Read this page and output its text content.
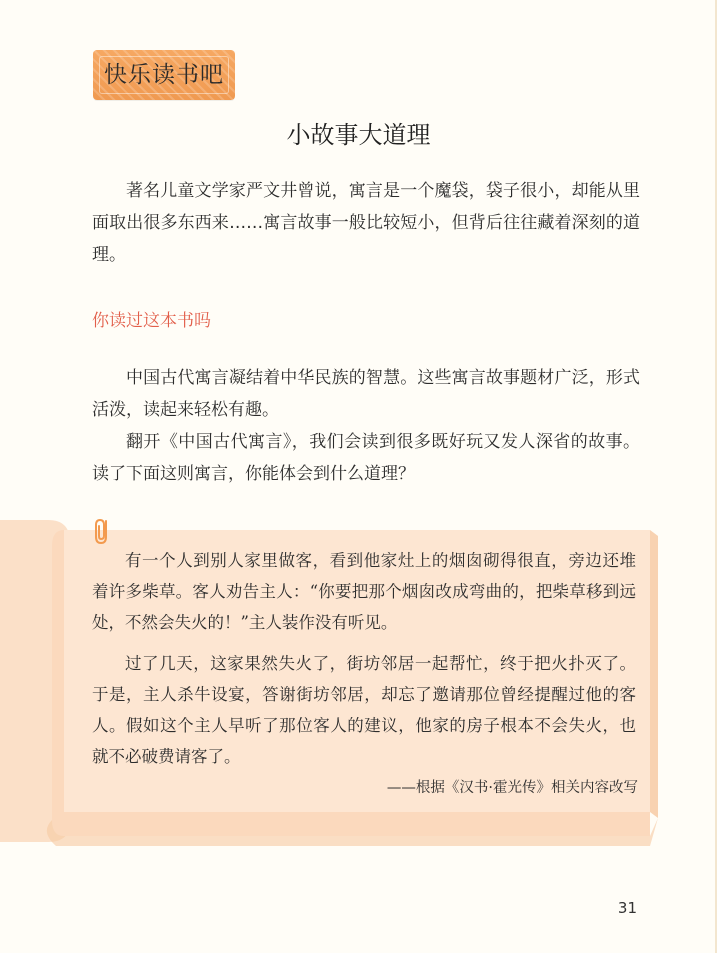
快乐读书吧
小故事大道理

著名儿童文学家严文井曾说，寓言是一个魔袋，袋子很小，却能从里面取出很多东西来……寓言故事一般比较短小，但背后往往藏着深刻的道理。

你读过这本书吗

中国古代寓言凝结着中华民族的智慧。这些寓言故事题材广泛，形式活泼，读起来轻松有趣。

翻开《中国古代寓言》，我们会读到很多既好玩又发人深省的故事。读了下面这则寓言，你能体会到什么道理？

有一个人到别人家里做客，看到他家灶上的烟囱砌得很直，旁边还堆着许多柴草。客人劝告主人：“你要把那个烟囱改成弯曲的，把柴草移到远处，不然会失火的！”主人装作没有听见。

过了几天，这家果然失火了，街坊邻居一起帮忙，终于把火扑灭了。于是，主人杀牛设宴，答谢街坊邻居，却忘了邀请那位曾经提醒过他的客人。假如这个主人早听了那位客人的建议，他家的房子根本不会失火，也就不必破费请客了。

——根据《汉书·霍光传》相关内容改写
31
